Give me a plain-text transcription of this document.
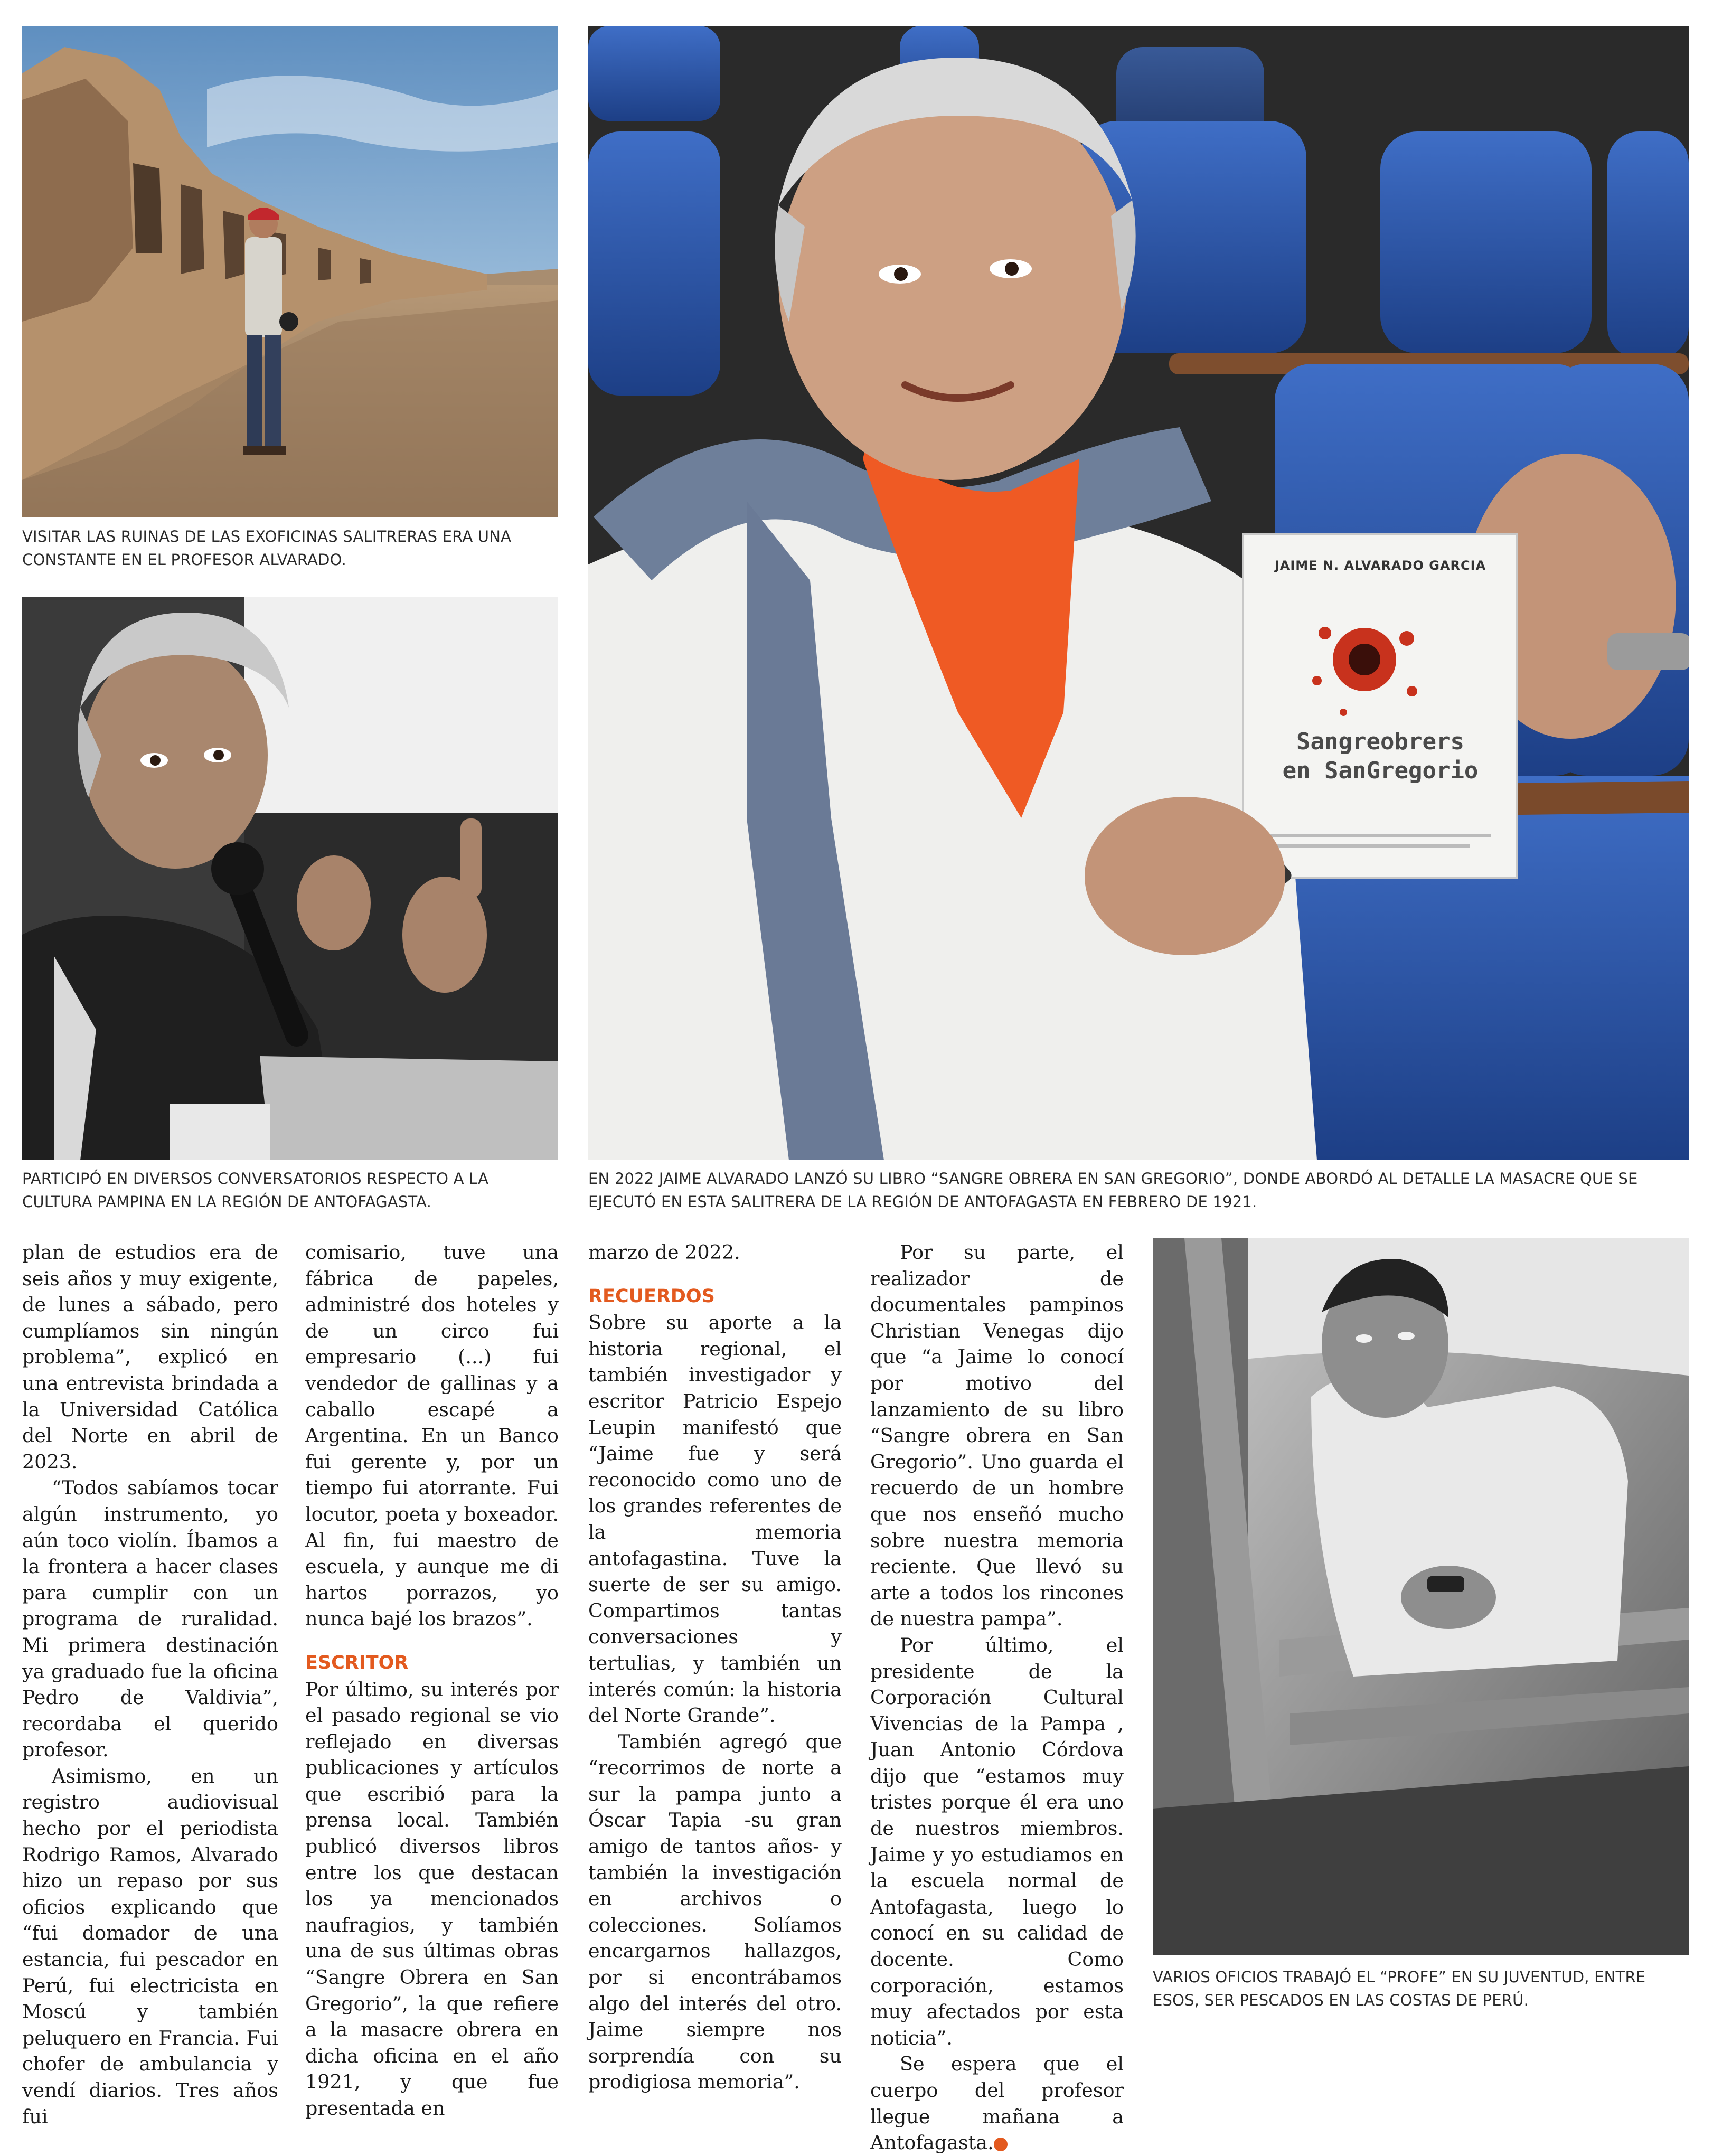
VISITAR LAS RUINAS DE LAS EXOFICINAS SALITRERAS ERA UNA CONSTANTE EN EL PROFESOR ALVARADO.
PARTICIPÓ EN DIVERSOS CONVERSATORIOS RESPECTO A LA CULTURA PAMPINA EN LA REGIÓN DE ANTOFAGASTA.
JAIME N. ALVARADO GARCIA
Sangreobrers
en SanGregorio
EN 2022 JAIME ALVARADO LANZÓ SU LIBRO “SANGRE OBRERA EN SAN GREGORIO”, DONDE ABORDÓ AL DETALLE LA MASACRE QUE SE EJECUTÓ EN ESTA SALITRERA DE LA REGIÓN DE ANTOFAGASTA EN FEBRERO DE 1921.
VARIOS OFICIOS TRABAJÓ EL “PROFE” EN SU JUVENTUD, ENTRE ESOS, SER PESCADOS EN LAS COSTAS DE PERÚ.

plan de estudios era de seis años y muy exigente, de lunes a sábado, pero cumplíamos sin ningún problema”, explicó en una entrevista brindada a la Universidad Católica del Norte en abril de 2023.

“Todos sabíamos tocar algún instrumento, yo aún toco violín. Íbamos a la frontera a hacer clases para cumplir con un programa de ruralidad. Mi primera destinación ya graduado fue la oficina Pedro de Valdivia”, recordaba el querido profesor.

Asimismo, en un registro audiovisual hecho por el periodista Rodrigo Ramos, Alvarado hizo un repaso por sus oficios explicando que “fui domador de una estancia, fui pescador en Perú, fui electricista en Moscú y también peluquero en Francia. Fui chofer de ambulancia y vendí diarios. Tres años fui

comisario, tuve una fábrica de papeles, administré dos hoteles y de un circo fui empresario (...) fui vendedor de gallinas y a caballo escapé a Argentina. En un Banco fui gerente y, por un tiempo fui atorrante. Fui locutor, poeta y boxeador. Al fin, fui maestro de escuela, y aunque me di hartos porrazos, yo nunca bajé los brazos”.

ESCRITOR

Por último, su interés por el pasado regional se vio reflejado en diversas publicaciones y artículos que escribió para la prensa local. También publicó diversos libros entre los que destacan los ya mencionados naufragios, y también una de sus últimas obras “Sangre Obrera en San Gregorio”, la que refiere a la masacre obrera en dicha oficina en el año 1921, y que fue presentada en

marzo de 2022.

RECUERDOS

Sobre su aporte a la historia regional, el también investigador y escritor Patricio Espejo Leupin manifestó que “Jaime fue y será reconocido como uno de los grandes referentes de la memoria antofagastina. Tuve la suerte de ser su amigo. Compartimos tantas conversaciones y tertulias, y también un interés común: la historia del Norte Grande”.

También agregó que “recorrimos de norte a sur la pampa junto a Óscar Tapia -su gran amigo de tantos años- y también la investigación en archivos o colecciones. Solíamos encargarnos hallazgos, por si encontrábamos algo del interés del otro. Jaime siempre nos sorprendía con su prodigiosa memoria”.

Por su parte, el realizador de documentales pampinos Christian Venegas dijo que “a Jaime lo conocí por motivo del lanzamiento de su libro “Sangre obrera en San Gregorio”. Uno guarda el recuerdo de un hombre que nos enseñó mucho sobre nuestra memoria reciente. Que llevó su arte a todos los rincones de nuestra pampa”.

Por último, el presidente de la Corporación Cultural Vivencias de la Pampa , Juan Antonio Córdova dijo que “estamos muy tristes porque él era uno de nuestros miembros. Jaime y yo estudiamos en la escuela normal de Antofagasta, luego lo conocí en su calidad de docente. Como corporación, estamos muy afectados por esta noticia”.

Se espera que el cuerpo del profesor llegue mañana a Antofagasta.	✪
